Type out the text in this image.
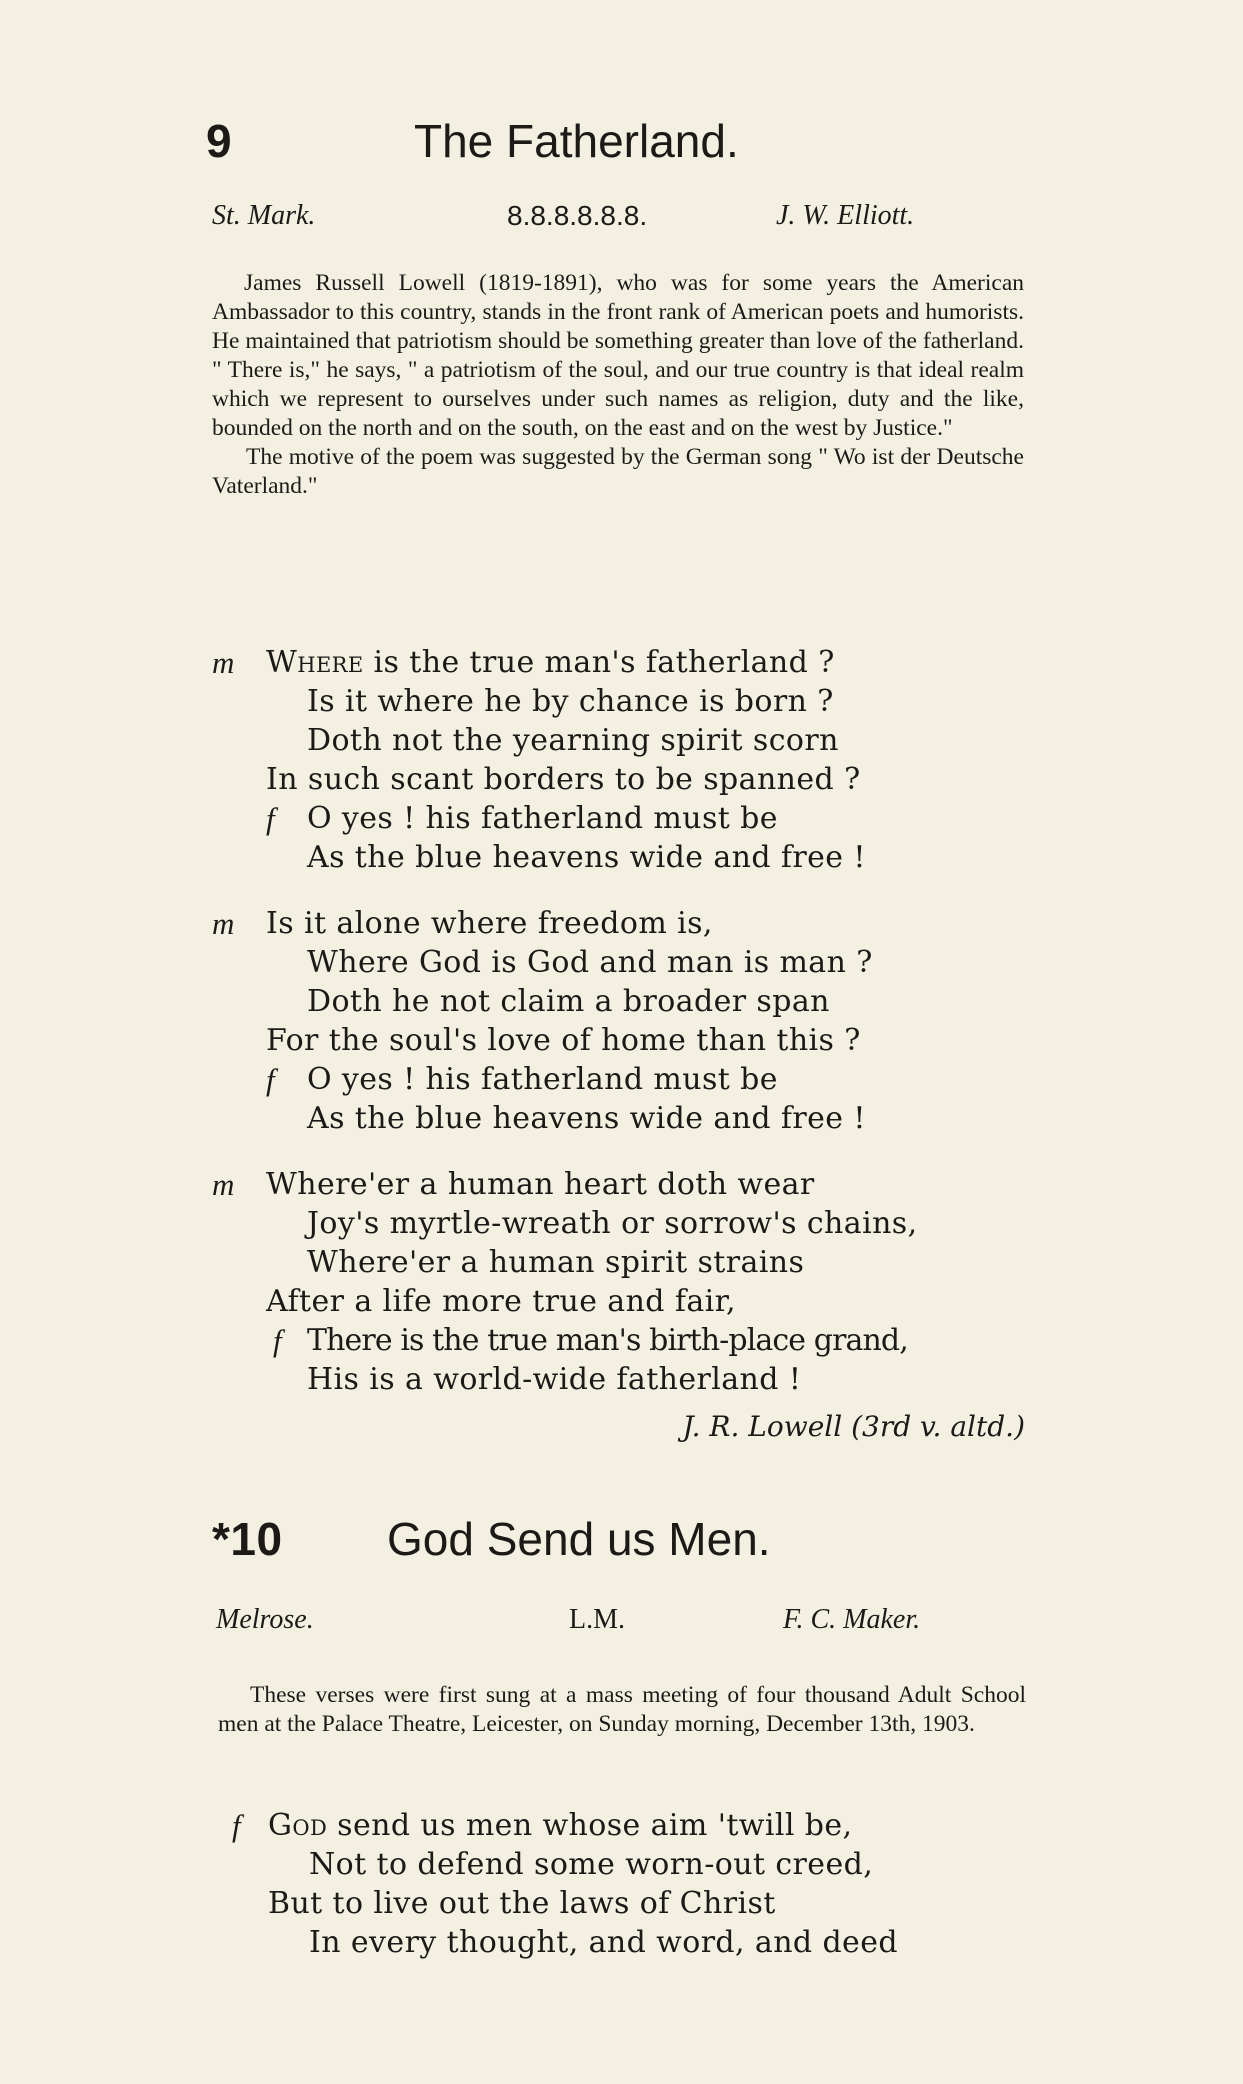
9	The Fatherland.
St. Mark.	8.8.8.8.8.8.	J. W. Elliott.

James Russell Lowell (1819-1891), who was for some years the American Ambassador to this country, stands in the front rank of American poets and humorists. He maintained that patriotism should be something greater than love of the fatherland. " There is," he says, " a patriotism of the soul, and our true country is that ideal realm which we represent to ourselves under such names as religion, duty and the like, bounded on the north and on the south, on the east and on the west by Justice."

The motive of the poem was suggested by the German song " Wo ist der Deutsche Vaterland."

m Where is the true man's fatherland ?
Is it where he by chance is born ?
Doth not the yearning spirit scorn
In such scant borders to be spanned ?
f O yes ! his fatherland must be
As the blue heavens wide and free !
m Is it alone where freedom is,
Where God is God and man is man ?
Doth he not claim a broader span
For the soul's love of home than this ?
f O yes ! his fatherland must be
As the blue heavens wide and free !
m Where'er a human heart doth wear
Joy's myrtle-wreath or sorrow's chains,
Where'er a human spirit strains
After a life more true and fair,
f There is the true man's birth-place grand,
His is a world-wide fatherland !
J. R. Lowell (3rd v. altd.)
*10 God Send us Men.
Melrose.	L.M.	F. C. Maker.

These verses were first sung at a mass meeting of four thousand Adult School men at the Palace Theatre, Leicester, on Sunday morning, December 13th, 1903.

f God send us men whose aim 'twill be,
Not to defend some worn-out creed,
But to live out the laws of Christ
In every thought, and word, and deed
